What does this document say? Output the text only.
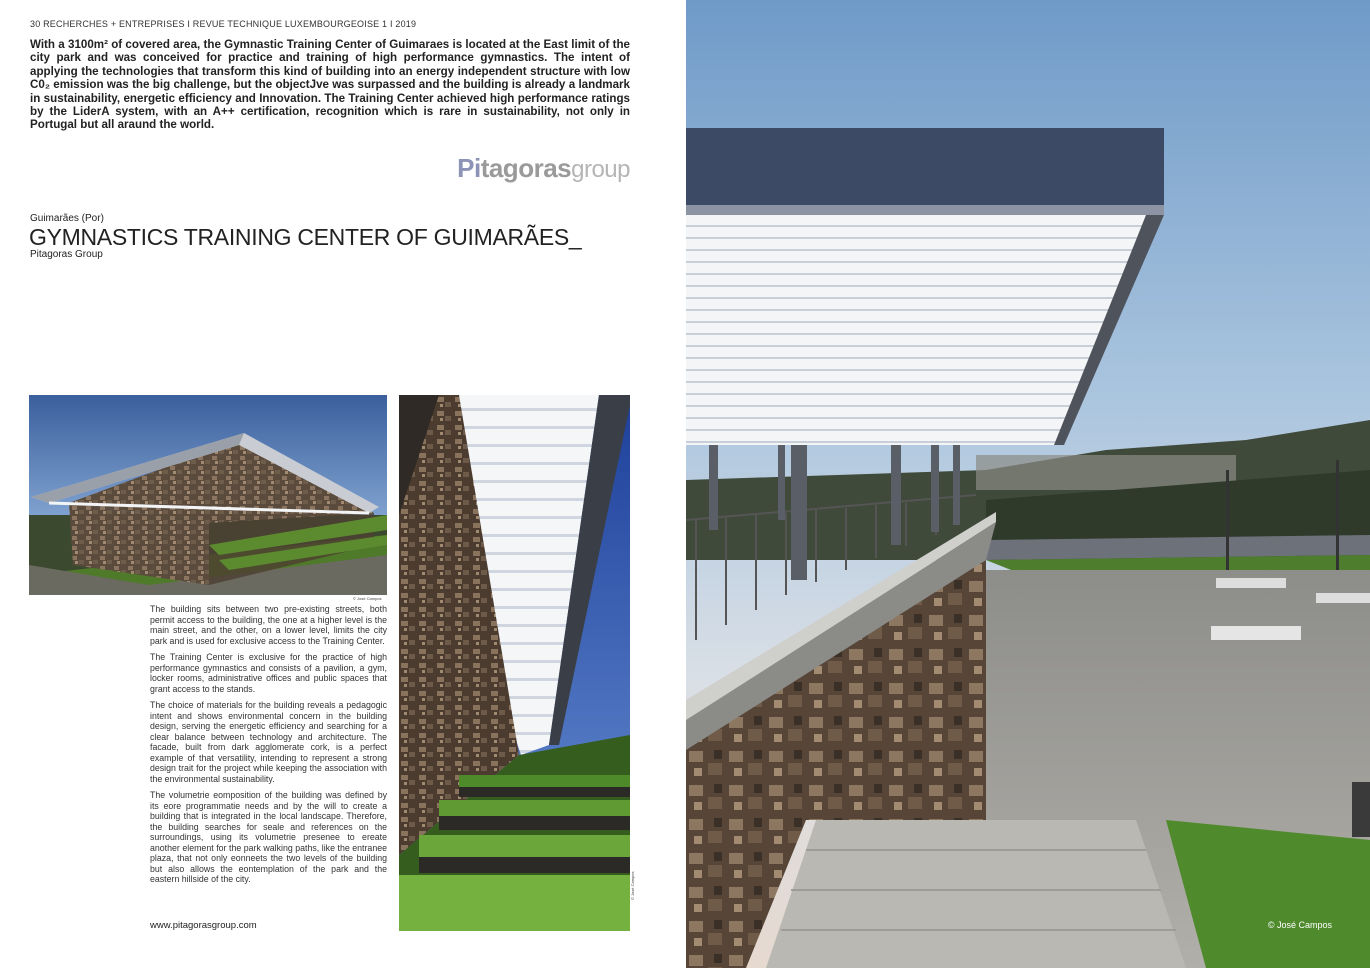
30 RECHERCHES + ENTREPRISES I REVUE TECHNIQUE LUXEMBOURGEOISE 1 I 2019
With a 3100m² of covered area, the Gymnastic Training Center of Guimaraes is located at the East limit of the city park and was conceived for practice and training of high performance gymnastics. The intent of applying the technologies that transform this kind of building into an energy independent structure with low C0₂ emission was the big challenge, but the objectJve was surpassed and the building is already a landmark in sustainability, energetic efficiency and Innovation. The Training Center achieved high performance ratings by the LiderA system, with an A++ certification, recognition which is rare in sustainability, not only in Portugal but all araund the world.
Pitagorasgroup
Guimarães (Por)
GYMNASTICS TRAINING CENTER OF GUIMARÃES_
Pitagoras Group
© José Campos
© José Campos

The building sits between two pre-existing streets, both permit access to the building, the one at a higher level is the main street, and the other, on a lower level, limits the city park and is used for exclusive access to the Training Center.

The Training Center is exclusive for the practice of high performance gymnastics and consists of a pavilion, a gym, locker rooms, administrative offices and public spaces that grant access to the stands.

The choice of materials for the building reveals a pedagogic intent and shows environmental concern in the building design, serving the energetic efficiency and searching for a clear balance between technology and architecture. The facade, built from dark agglomerate cork, is a perfect example of that versatility, intending to represent a strong design trait for the project while keeping the association with the environmental sustainability.

The volumetrie eomposition of the building was defined by its eore programmatie needs and by the will to create a building that is integrated in the local landscape. Therefore, the building searches for seale and references on the surroundings, using its volumetrie presenee to ereate another element for the park walking paths, like the entranee plaza, that not only eonneets the two levels of the building but also allows the eontemplation of the park and the eastern hillside of the city.

www.pitagorasgroup.com	© José Campos
